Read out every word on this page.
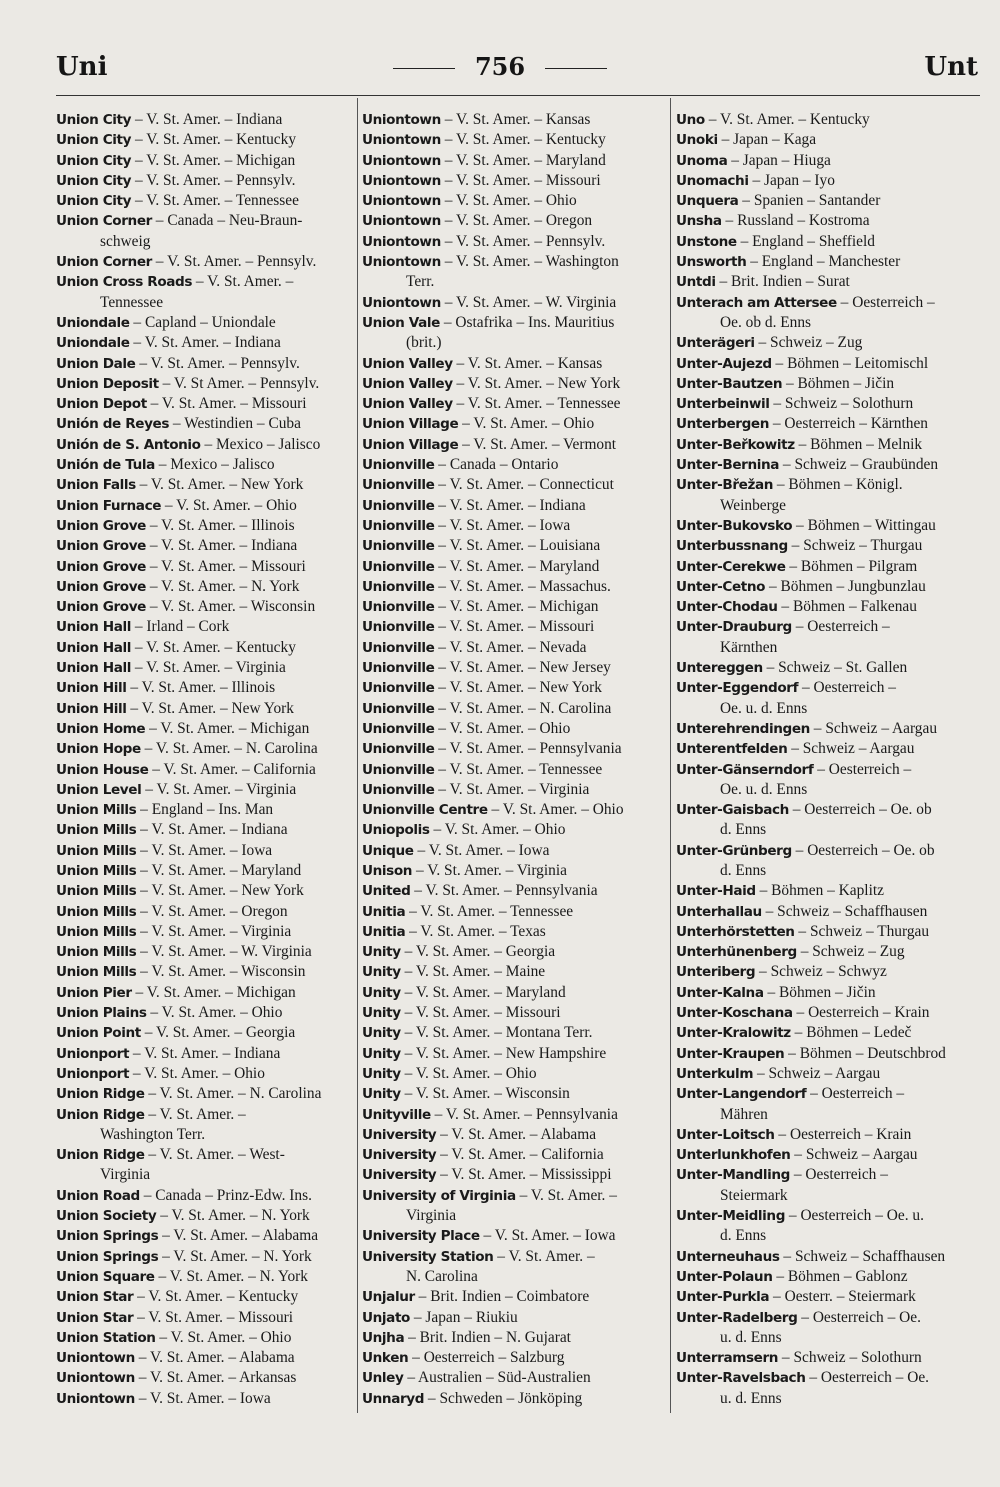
Uni	756	Unt
Union City – V. St. Amer. – Indiana
Union City – V. St. Amer. – Kentucky
Union City – V. St. Amer. – Michigan
Union City – V. St. Amer. – Pennsylv.
Union City – V. St. Amer. – Tennessee
Union Corner – Canada – Neu-Braun-
schweig
Union Corner – V. St. Amer. – Pennsylv.
Union Cross Roads – V. St. Amer. –
Tennessee
Uniondale – Capland – Uniondale
Uniondale – V. St. Amer. – Indiana
Union Dale – V. St. Amer. – Pennsylv.
Union Deposit – V. St Amer. – Pennsylv.
Union Depot – V. St. Amer. – Missouri
Unión de Reyes – Westindien – Cuba
Unión de S. Antonio – Mexico – Jalisco
Unión de Tula – Mexico – Jalisco
Union Falls – V. St. Amer. – New York
Union Furnace – V. St. Amer. – Ohio
Union Grove – V. St. Amer. – Illinois
Union Grove – V. St. Amer. – Indiana
Union Grove – V. St. Amer. – Missouri
Union Grove – V. St. Amer. – N. York
Union Grove – V. St. Amer. – Wisconsin
Union Hall – Irland – Cork
Union Hall – V. St. Amer. – Kentucky
Union Hall – V. St. Amer. – Virginia
Union Hill – V. St. Amer. – Illinois
Union Hill – V. St. Amer. – New York
Union Home – V. St. Amer. – Michigan
Union Hope – V. St. Amer. – N. Carolina
Union House – V. St. Amer. – California
Union Level – V. St. Amer. – Virginia
Union Mills – England – Ins. Man
Union Mills – V. St. Amer. – Indiana
Union Mills – V. St. Amer. – Iowa
Union Mills – V. St. Amer. – Maryland
Union Mills – V. St. Amer. – New York
Union Mills – V. St. Amer. – Oregon
Union Mills – V. St. Amer. – Virginia
Union Mills – V. St. Amer. – W. Virginia
Union Mills – V. St. Amer. – Wisconsin
Union Pier – V. St. Amer. – Michigan
Union Plains – V. St. Amer. – Ohio
Union Point – V. St. Amer. – Georgia
Unionport – V. St. Amer. – Indiana
Unionport – V. St. Amer. – Ohio
Union Ridge – V. St. Amer. – N. Carolina
Union Ridge – V. St. Amer. –
Washington Terr.
Union Ridge – V. St. Amer. – West-
Virginia
Union Road – Canada – Prinz-Edw. Ins.
Union Society – V. St. Amer. – N. York
Union Springs – V. St. Amer. – Alabama
Union Springs – V. St. Amer. – N. York
Union Square – V. St. Amer. – N. York
Union Star – V. St. Amer. – Kentucky
Union Star – V. St. Amer. – Missouri
Union Station – V. St. Amer. – Ohio
Uniontown – V. St. Amer. – Alabama
Uniontown – V. St. Amer. – Arkansas
Uniontown – V. St. Amer. – Iowa
Uniontown – V. St. Amer. – Kansas
Uniontown – V. St. Amer. – Kentucky
Uniontown – V. St. Amer. – Maryland
Uniontown – V. St. Amer. – Missouri
Uniontown – V. St. Amer. – Ohio
Uniontown – V. St. Amer. – Oregon
Uniontown – V. St. Amer. – Pennsylv.
Uniontown – V. St. Amer. – Washington
Terr.
Uniontown – V. St. Amer. – W. Virginia
Union Vale – Ostafrika – Ins. Mauritius
(brit.)
Union Valley – V. St. Amer. – Kansas
Union Valley – V. St. Amer. – New York
Union Valley – V. St. Amer. – Tennessee
Union Village – V. St. Amer. – Ohio
Union Village – V. St. Amer. – Vermont
Unionville – Canada – Ontario
Unionville – V. St. Amer. – Connecticut
Unionville – V. St. Amer. – Indiana
Unionville – V. St. Amer. – Iowa
Unionville – V. St. Amer. – Louisiana
Unionville – V. St. Amer. – Maryland
Unionville – V. St. Amer. – Massachus.
Unionville – V. St. Amer. – Michigan
Unionville – V. St. Amer. – Missouri
Unionville – V. St. Amer. – Nevada
Unionville – V. St. Amer. – New Jersey
Unionville – V. St. Amer. – New York
Unionville – V. St. Amer. – N. Carolina
Unionville – V. St. Amer. – Ohio
Unionville – V. St. Amer. – Pennsylvania
Unionville – V. St. Amer. – Tennessee
Unionville – V. St. Amer. – Virginia
Unionville Centre – V. St. Amer. – Ohio
Uniopolis – V. St. Amer. – Ohio
Unique – V. St. Amer. – Iowa
Unison – V. St. Amer. – Virginia
United – V. St. Amer. – Pennsylvania
Unitia – V. St. Amer. – Tennessee
Unitia – V. St. Amer. – Texas
Unity – V. St. Amer. – Georgia
Unity – V. St. Amer. – Maine
Unity – V. St. Amer. – Maryland
Unity – V. St. Amer. – Missouri
Unity – V. St. Amer. – Montana Terr.
Unity – V. St. Amer. – New Hampshire
Unity – V. St. Amer. – Ohio
Unity – V. St. Amer. – Wisconsin
Unityville – V. St. Amer. – Pennsylvania
University – V. St. Amer. – Alabama
University – V. St. Amer. – California
University – V. St. Amer. – Mississippi
University of Virginia – V. St. Amer. –
Virginia
University Place – V. St. Amer. – Iowa
University Station – V. St. Amer. –
N. Carolina
Unjalur – Brit. Indien – Coimbatore
Unjato – Japan – Riukiu
Unjha – Brit. Indien – N. Gujarat
Unken – Oesterreich – Salzburg
Unley – Australien – Süd-Australien
Unnaryd – Schweden – Jönköping
Uno – V. St. Amer. – Kentucky
Unoki – Japan – Kaga
Unoma – Japan – Hiuga
Unomachi – Japan – Iyo
Unquera – Spanien – Santander
Unsha – Russland – Kostroma
Unstone – England – Sheffield
Unsworth – England – Manchester
Untdi – Brit. Indien – Surat
Unterach am Attersee – Oesterreich –
Oe. ob d. Enns
Unterägeri – Schweiz – Zug
Unter-Aujezd – Böhmen – Leitomischl
Unter-Bautzen – Böhmen – Jičin
Unterbeinwil – Schweiz – Solothurn
Unterbergen – Oesterreich – Kärnthen
Unter-Beřkowitz – Böhmen – Melnik
Unter-Bernina – Schweiz – Graubünden
Unter-Břežan – Böhmen – Königl.
Weinberge
Unter-Bukovsko – Böhmen – Wittingau
Unterbussnang – Schweiz – Thurgau
Unter-Cerekwe – Böhmen – Pilgram
Unter-Cetno – Böhmen – Jungbunzlau
Unter-Chodau – Böhmen – Falkenau
Unter-Drauburg – Oesterreich –
Kärnthen
Untereggen – Schweiz – St. Gallen
Unter-Eggendorf – Oesterreich –
Oe. u. d. Enns
Unterehrendingen – Schweiz – Aargau
Unterentfelden – Schweiz – Aargau
Unter-Gänserndorf – Oesterreich –
Oe. u. d. Enns
Unter-Gaisbach – Oesterreich – Oe. ob
d. Enns
Unter-Grünberg – Oesterreich – Oe. ob
d. Enns
Unter-Haid – Böhmen – Kaplitz
Unterhallau – Schweiz – Schaffhausen
Unterhörstetten – Schweiz – Thurgau
Unterhünenberg – Schweiz – Zug
Unteriberg – Schweiz – Schwyz
Unter-Kalna – Böhmen – Jičin
Unter-Koschana – Oesterreich – Krain
Unter-Kralowitz – Böhmen – Ledeč
Unter-Kraupen – Böhmen – Deutschbrod
Unterkulm – Schweiz – Aargau
Unter-Langendorf – Oesterreich –
Mähren
Unter-Loitsch – Oesterreich – Krain
Unterlunkhofen – Schweiz – Aargau
Unter-Mandling – Oesterreich –
Steiermark
Unter-Meidling – Oesterreich – Oe. u.
d. Enns
Unterneuhaus – Schweiz – Schaffhausen
Unter-Polaun – Böhmen – Gablonz
Unter-Purkla – Oesterr. – Steiermark
Unter-Radelberg – Oesterreich – Oe.
u. d. Enns
Unterramsern – Schweiz – Solothurn
Unter-Ravelsbach – Oesterreich – Oe.
u. d. Enns
